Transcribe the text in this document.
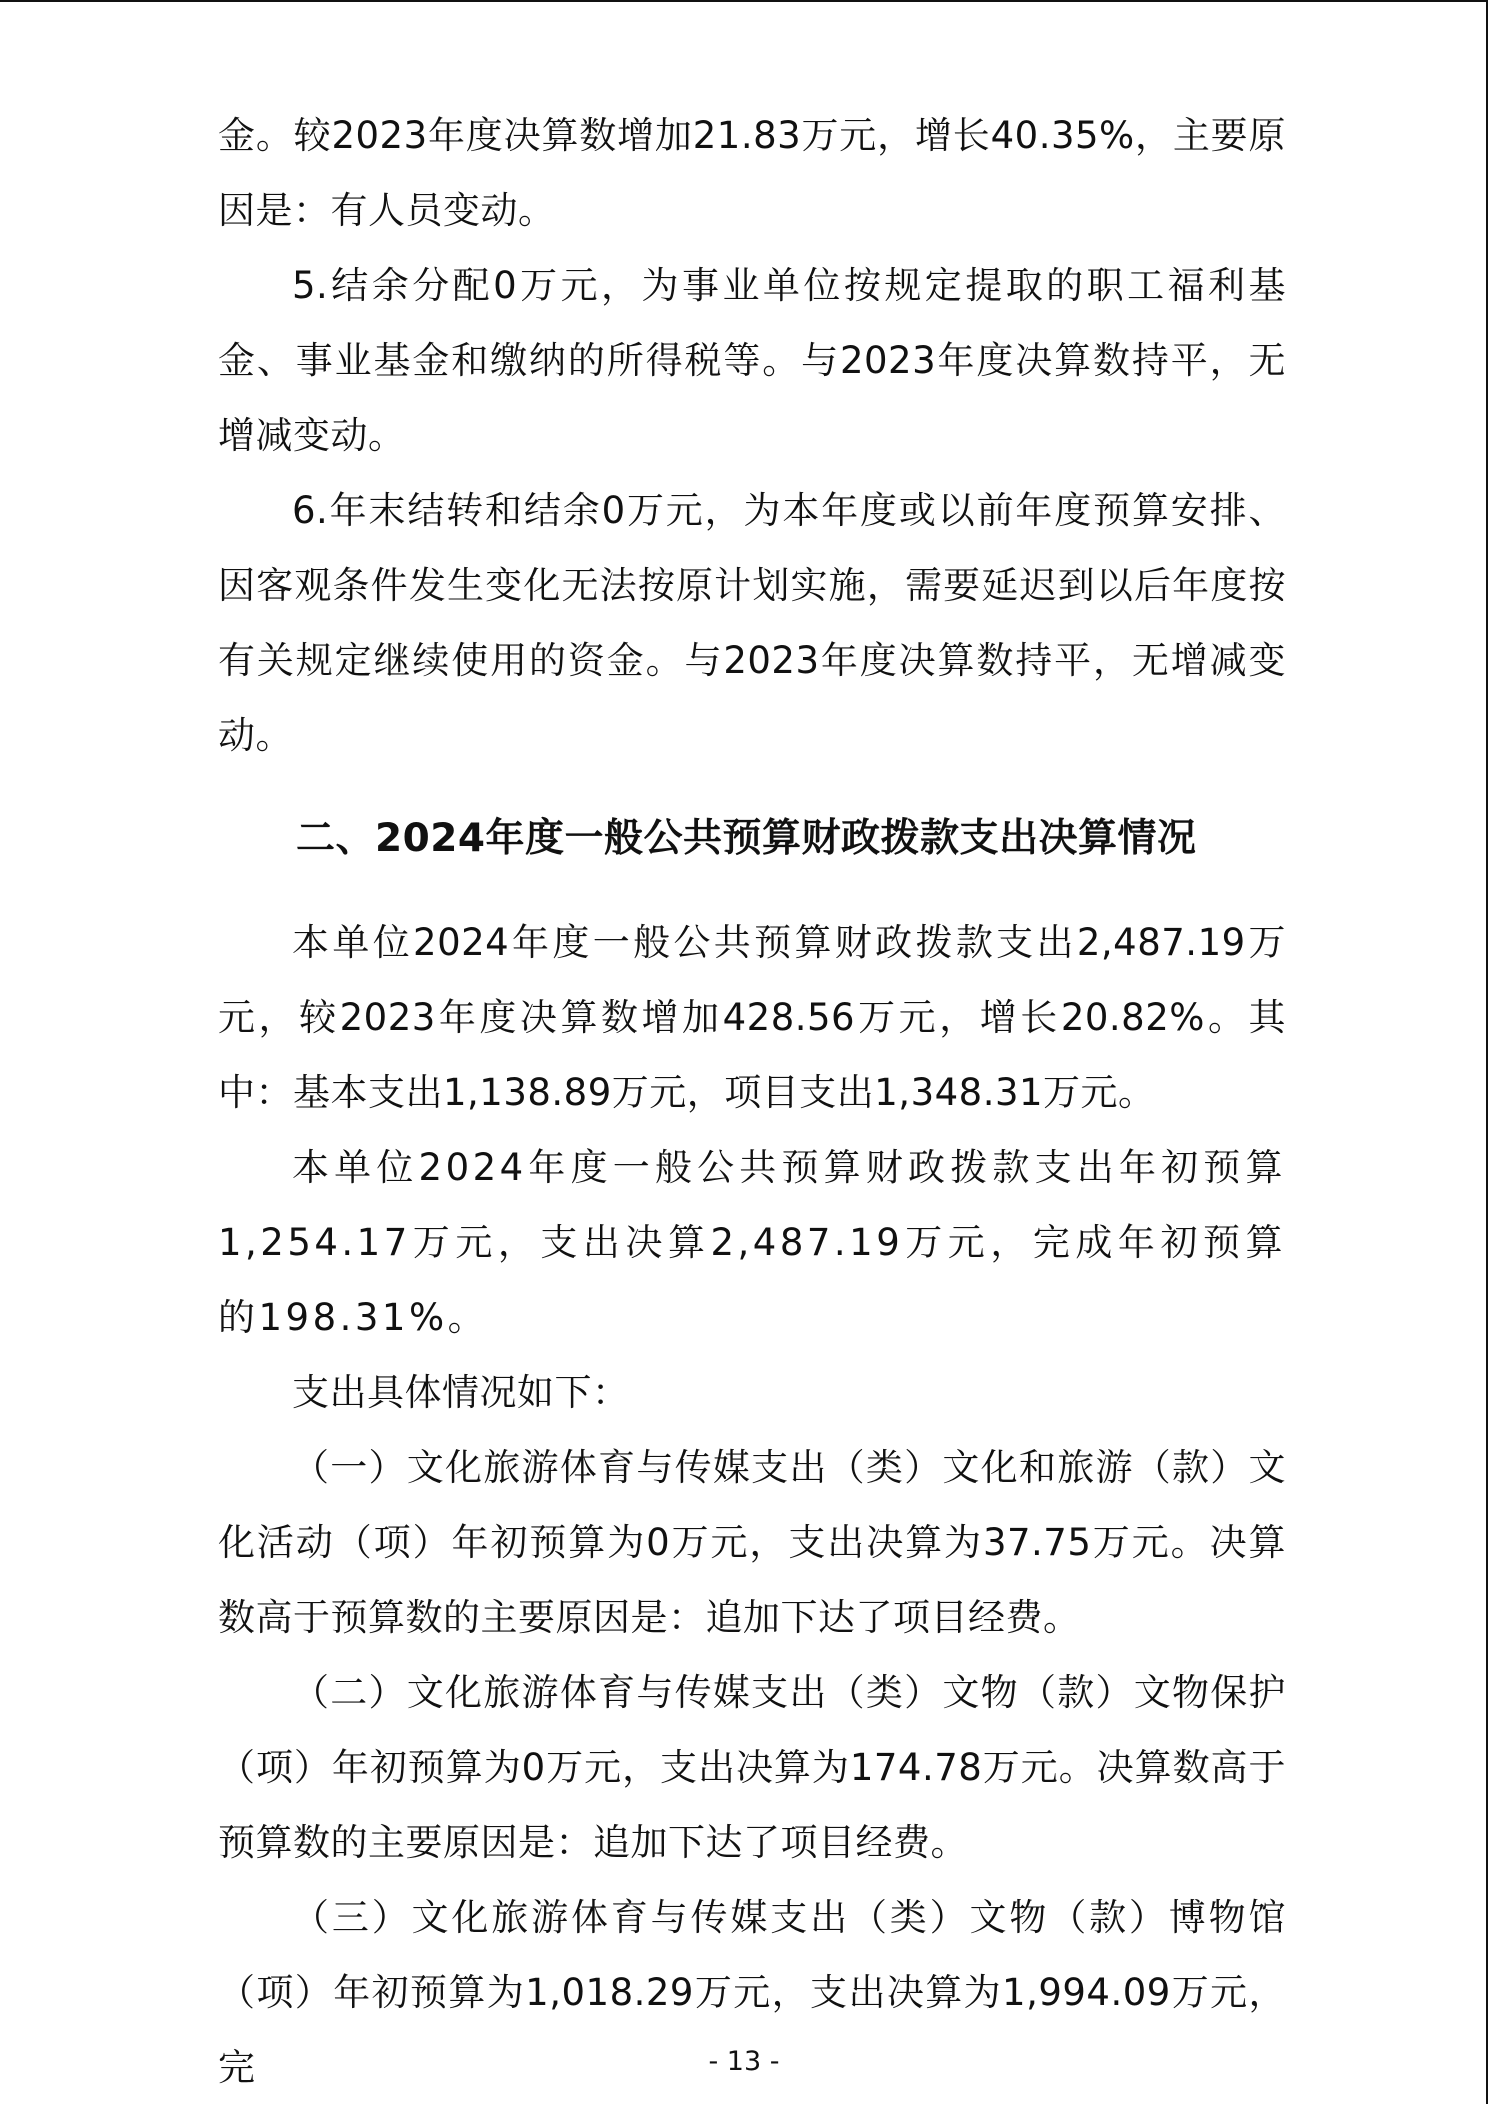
金。较2023年度决算数增加21.83万元，增长40.35%，主要原因是：有人员变动。

5.结余分配0万元，为事业单位按规定提取的职工福利基金、事业基金和缴纳的所得税等。与2023年度决算数持平，无增减变动。

6.年末结转和结余0万元，为本年度或以前年度预算安排、因客观条件发生变化无法按原计划实施，需要延迟到以后年度按有关规定继续使用的资金。与2023年度决算数持平，无增减变动。

二、2024年度一般公共预算财政拨款支出决算情况

本单位2024年度一般公共预算财政拨款支出2,487.19万元，较2023年度决算数增加428.56万元，增长20.82%。其中：基本支出1,138.89万元，项目支出1,348.31万元。

本单位2024年度一般公共预算财政拨款支出年初预算1,254.17万元，支出决算2,487.19万元，完成年初预算的198.31%。

支出具体情况如下：

（一）文化旅游体育与传媒支出（类）文化和旅游（款）文化活动（项）年初预算为0万元，支出决算为37.75万元。决算数高于预算数的主要原因是：追加下达了项目经费。

（二）文化旅游体育与传媒支出（类）文物（款）文物保护（项）年初预算为0万元，支出决算为174.78万元。决算数高于预算数的主要原因是：追加下达了项目经费。

（三）文化旅游体育与传媒支出（类）文物（款）博物馆（项）年初预算为1,018.29万元，支出决算为1,994.09万元，完	- 13 -
